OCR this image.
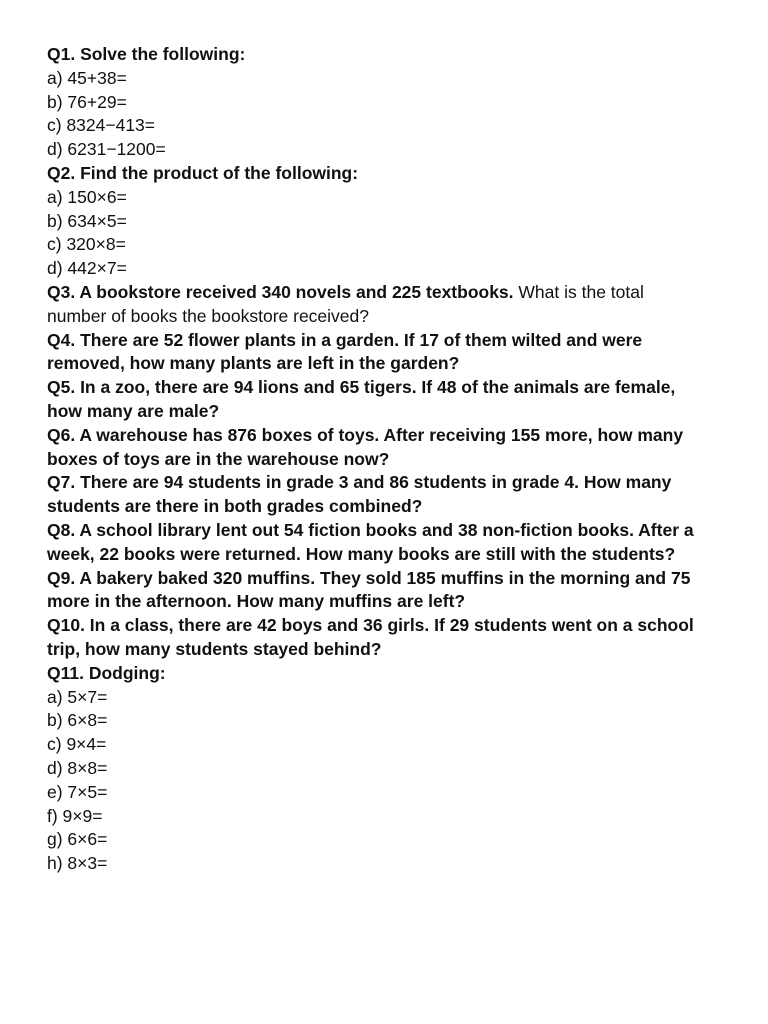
Q1. Solve the following:
a) 45+38=
b) 76+29=
c) 8324−413=
d) 6231−1200=
Q2. Find the product of the following:
a) 150×6=
b) 634×5=
c) 320×8=
d) 442×7=
Q3. A bookstore received 340 novels and 225 textbooks. What is the total
number of books the bookstore received?
Q4. There are 52 flower plants in a garden. If 17 of them wilted and were
removed, how many plants are left in the garden?
Q5. In a zoo, there are 94 lions and 65 tigers. If 48 of the animals are female,
how many are male?
Q6. A warehouse has 876 boxes of toys. After receiving 155 more, how many
boxes of toys are in the warehouse now?
Q7. There are 94 students in grade 3 and 86 students in grade 4. How many
students are there in both grades combined?
Q8. A school library lent out 54 fiction books and 38 non-fiction books. After a
week, 22 books were returned. How many books are still with the students?
Q9. A bakery baked 320 muffins. They sold 185 muffins in the morning and 75
more in the afternoon. How many muffins are left?
Q10. In a class, there are 42 boys and 36 girls. If 29 students went on a school
trip, how many students stayed behind?
Q11. Dodging:
a) 5×7=
b) 6×8=
c) 9×4=
d) 8×8=
e) 7×5=
f) 9×9=
g) 6×6=
h) 8×3=
